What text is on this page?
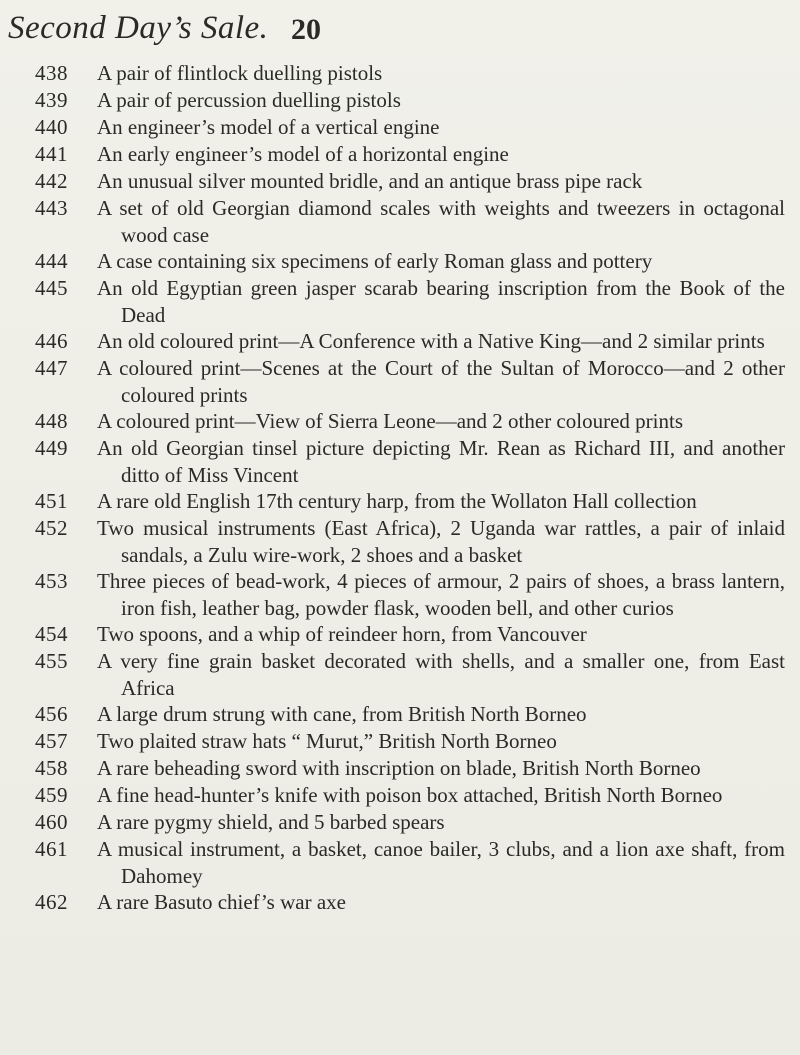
Second Day’s Sale. 20
438	A pair of flintlock duelling pistols
439	A pair of percussion duelling pistols
440	An engineer’s model of a vertical engine
441	An early engineer’s model of a horizontal engine
442	An unusual silver mounted bridle, and an antique brass pipe rack
443	A set of old Georgian diamond scales with weights and tweezers in octagonal wood case
444	A case containing six specimens of early Roman glass and pottery
445	An old Egyptian green jasper scarab bearing inscription from the Book of the Dead
446	An old coloured print—A Conference with a Native King—and 2 similar prints
447	A coloured print—Scenes at the Court of the Sultan of Morocco—and 2 other coloured prints
448	A coloured print—View of Sierra Leone—and 2 other coloured prints
449	An old Georgian tinsel picture depicting Mr. Rean as Richard III, and another ditto of Miss Vincent
451	A rare old English 17th century harp, from the Wollaton Hall collection
452	Two musical instruments (East Africa), 2 Uganda war rattles, a pair of inlaid sandals, a Zulu wire-work, 2 shoes and a basket
453	Three pieces of bead-work, 4 pieces of armour, 2 pairs of shoes, a brass lantern, iron fish, leather bag, powder flask, wooden bell, and other curios
454	Two spoons, and a whip of reindeer horn, from Vancouver
455	A very fine grain basket decorated with shells, and a smaller one, from East Africa
456	A large drum strung with cane, from British North Borneo
457	Two plaited straw hats “ Murut,” British North Borneo
458	A rare beheading sword with inscription on blade, British North Borneo
459	A fine head-hunter’s knife with poison box attached, British North Borneo
460	A rare pygmy shield, and 5 barbed spears
461	A musical instrument, a basket, canoe bailer, 3 clubs, and a lion axe shaft, from Dahomey
462	A rare Basuto chief’s war axe
